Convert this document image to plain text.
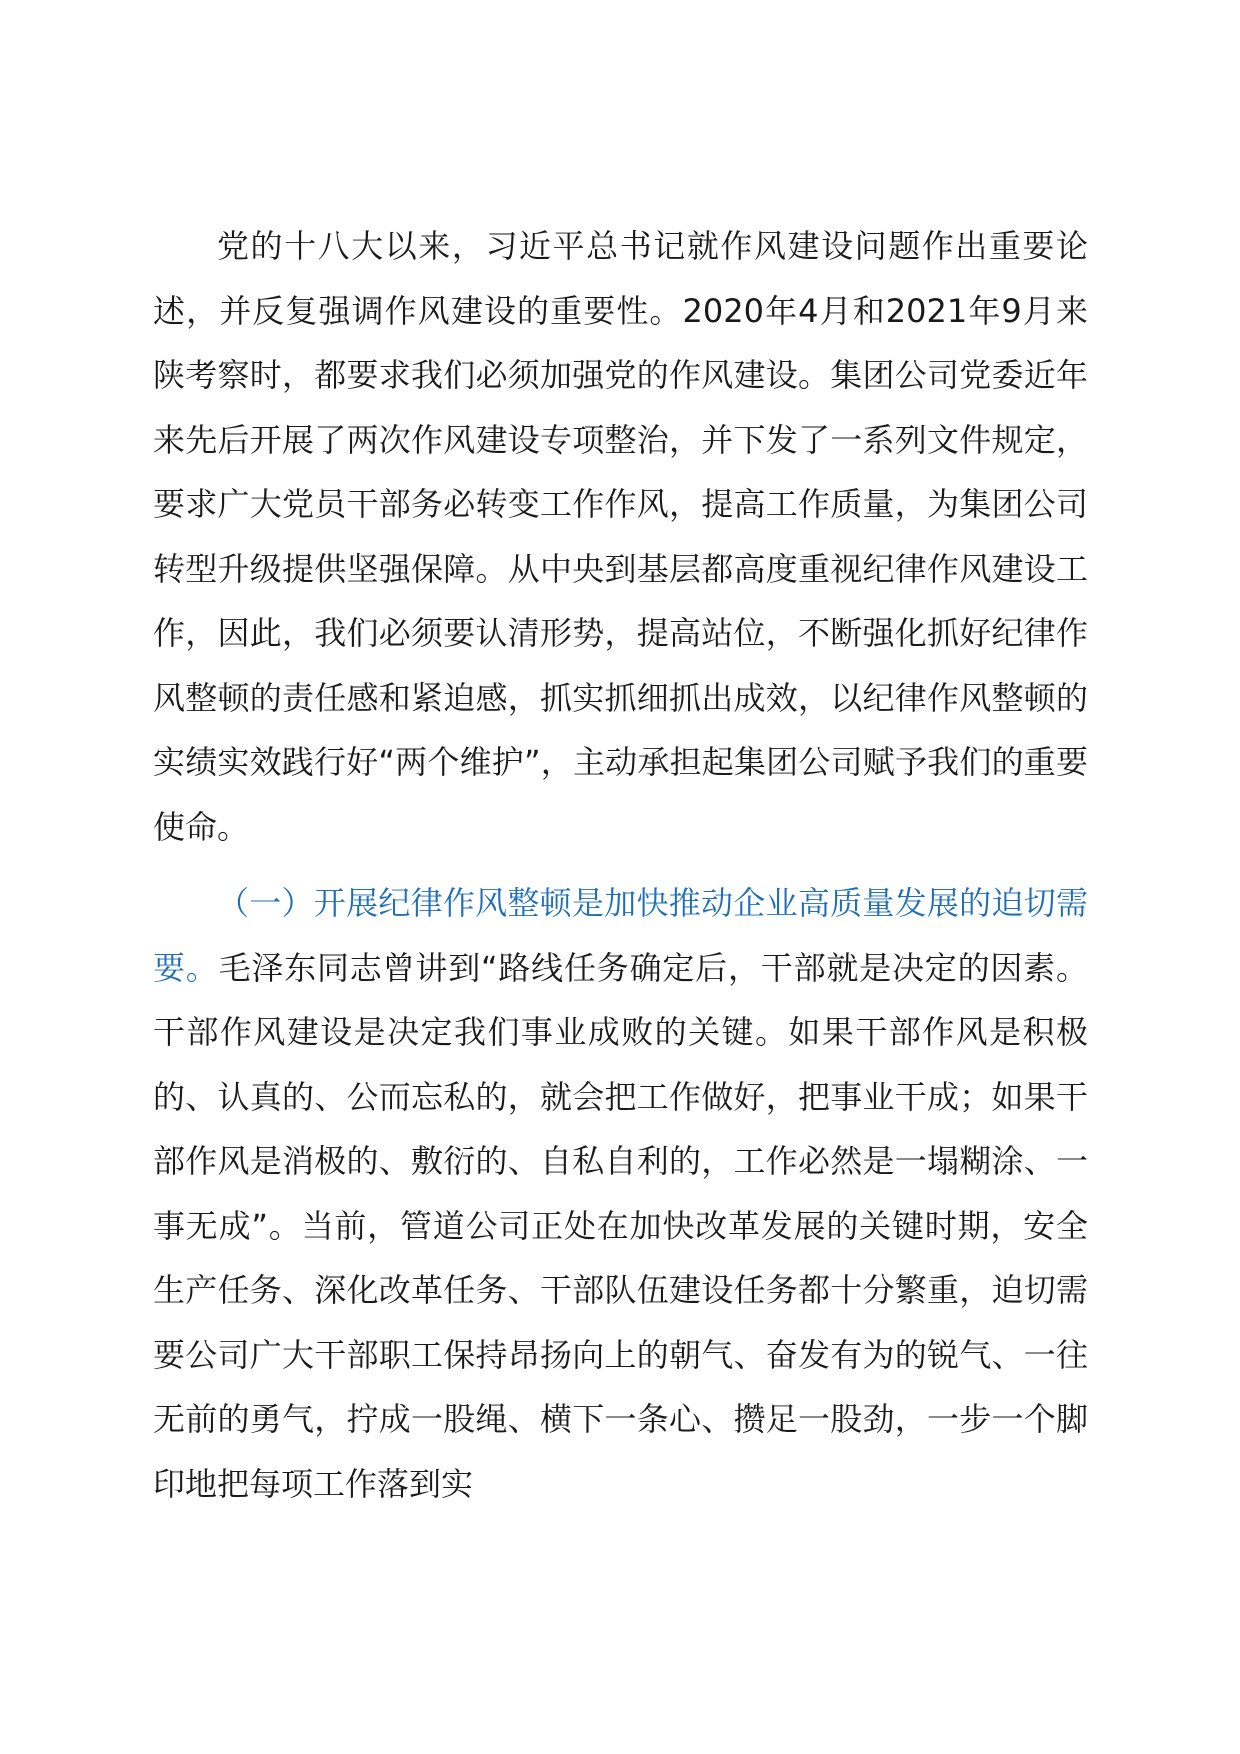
党的十八大以来，习近平总书记就作风建设问题作出重要论述，并反复强调作风建设的重要性。2020年4月和2021年9月来陕考察时，都要求我们必须加强党的作风建设。集团公司党委近年来先后开展了两次作风建设专项整治，并下发了一系列文件规定，要求广大党员干部务必转变工作作风，提高工作质量，为集团公司转型升级提供坚强保障。从中央到基层都高度重视纪律作风建设工作，因此，我们必须要认清形势，提高站位，不断强化抓好纪律作风整顿的责任感和紧迫感，抓实抓细抓出成效，以纪律作风整顿的实绩实效践行好“两个维护”，主动承担起集团公司赋予我们的重要使命。

（一）开展纪律作风整顿是加快推动企业高质量发展的迫切需要。毛泽东同志曾讲到“路线任务确定后，干部就是决定的因素。干部作风建设是决定我们事业成败的关键。如果干部作风是积极的、认真的、公而忘私的，就会把工作做好，把事业干成；如果干部作风是消极的、敷衍的、自私自利的，工作必然是一塌糊涂、一事无成”。当前，管道公司正处在加快改革发展的关键时期，安全生产任务、深化改革任务、干部队伍建设任务都十分繁重，迫切需要公司广大干部职工保持昂扬向上的朝气、奋发有为的锐气、一往无前的勇气，拧成一股绳、横下一条心、攒足一股劲，一步一个脚印地把每项工作落到实
